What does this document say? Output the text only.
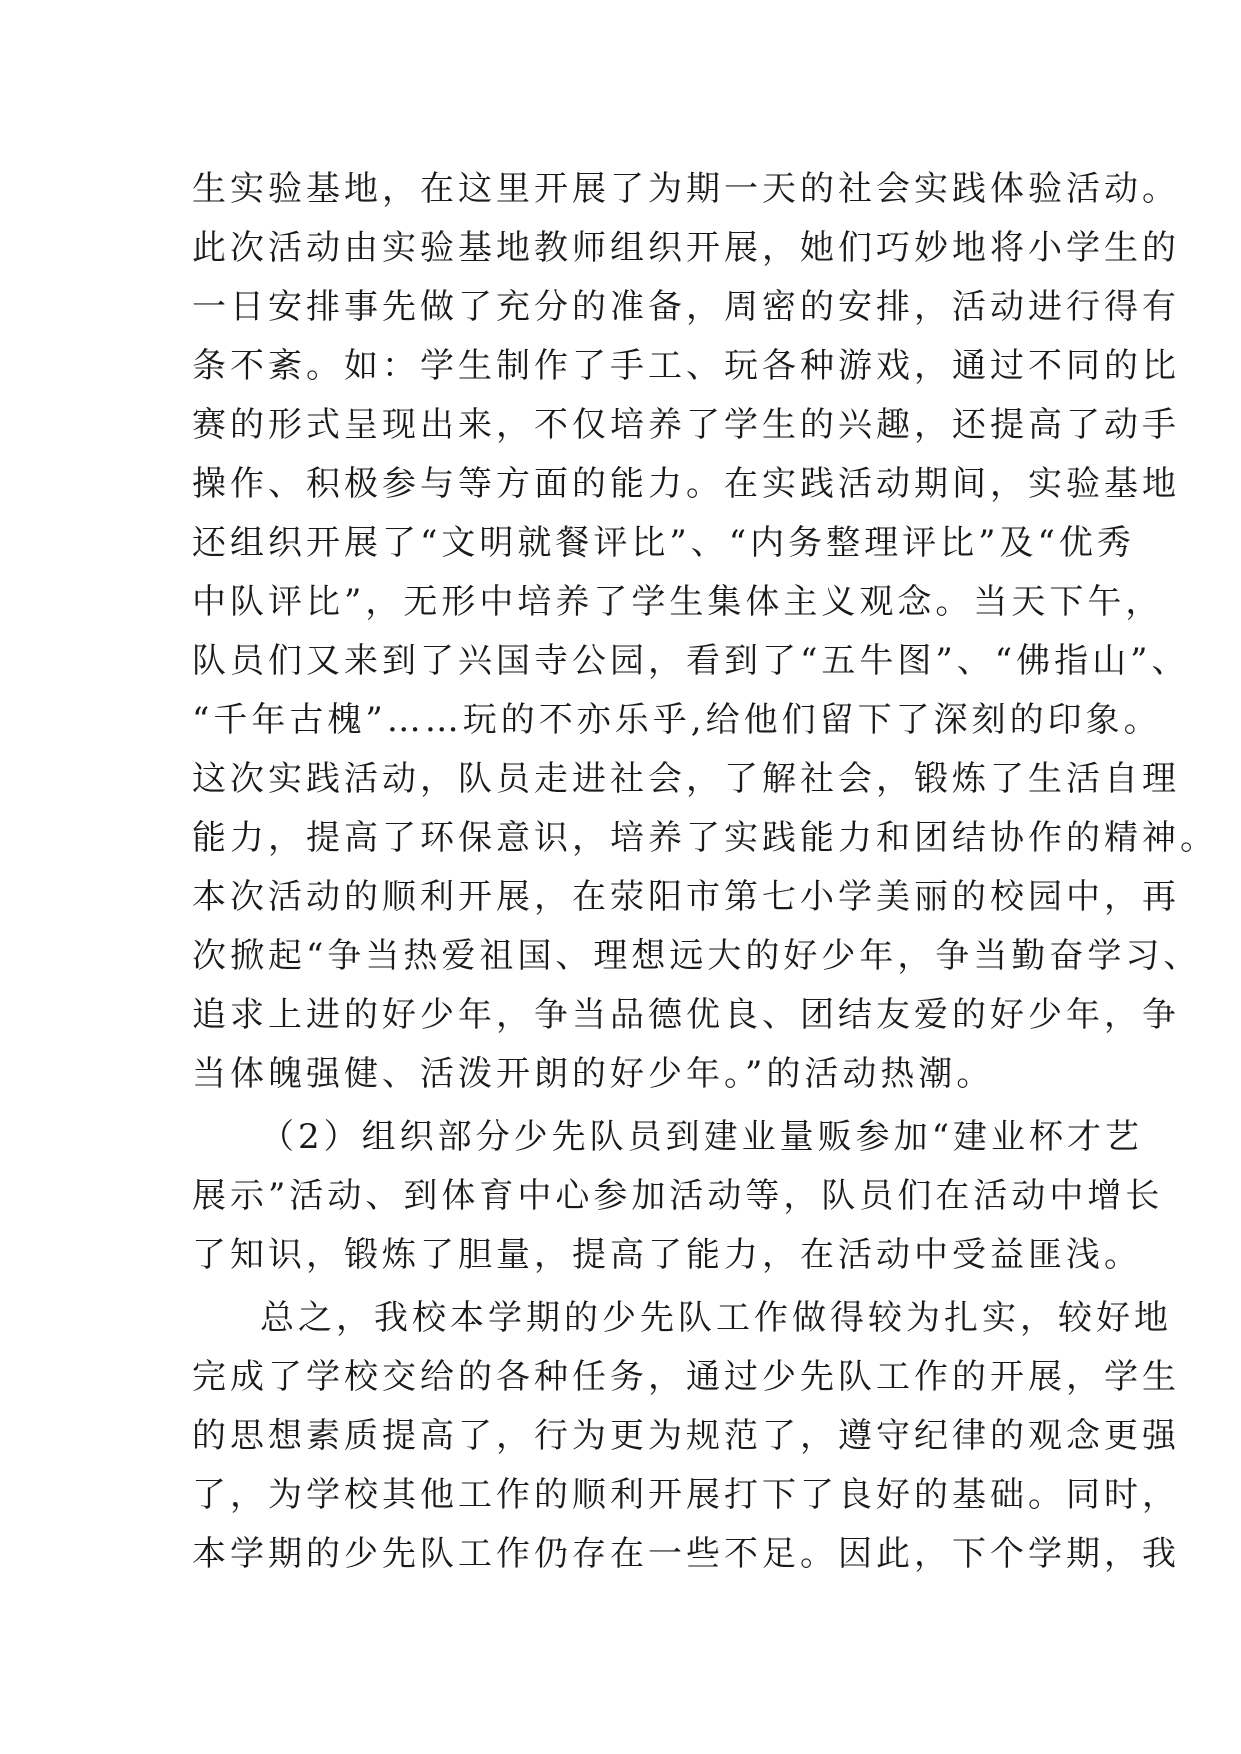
生实验基地，在这里开展了为期一天的社会实践体验活动。
此次活动由实验基地教师组织开展，她们巧妙地将小学生的
一日安排事先做了充分的准备，周密的安排，活动进行得有
条不紊。如：学生制作了手工、玩各种游戏，通过不同的比
赛的形式呈现出来，不仅培养了学生的兴趣，还提高了动手
操作、积极参与等方面的能力。在实践活动期间，实验基地
还组织开展了“文明就餐评比”、“内务整理评比”及“优秀
中队评比”，无形中培养了学生集体主义观念。当天下午，
队员们又来到了兴国寺公园，看到了“五牛图”、“佛指山”、
“千年古槐”……玩的不亦乐乎,给他们留下了深刻的印象。
这次实践活动，队员走进社会，了解社会，锻炼了生活自理
能力，提高了环保意识，培养了实践能力和团结协作的精神。
本次活动的顺利开展，在荥阳市第七小学美丽的校园中，再
次掀起“争当热爱祖国、理想远大的好少年，争当勤奋学习、
追求上进的好少年，争当品德优良、团结友爱的好少年，争
当体魄强健、活泼开朗的好少年。”的活动热潮。
（2）组织部分少先队员到建业量贩参加“建业杯才艺
展示”活动、到体育中心参加活动等，队员们在活动中增长
了知识，锻炼了胆量，提高了能力，在活动中受益匪浅。
总之，我校本学期的少先队工作做得较为扎实，较好地
完成了学校交给的各种任务，通过少先队工作的开展，学生
的思想素质提高了，行为更为规范了，遵守纪律的观念更强
了，为学校其他工作的顺利开展打下了良好的基础。同时，
本学期的少先队工作仍存在一些不足。因此，下个学期，我
